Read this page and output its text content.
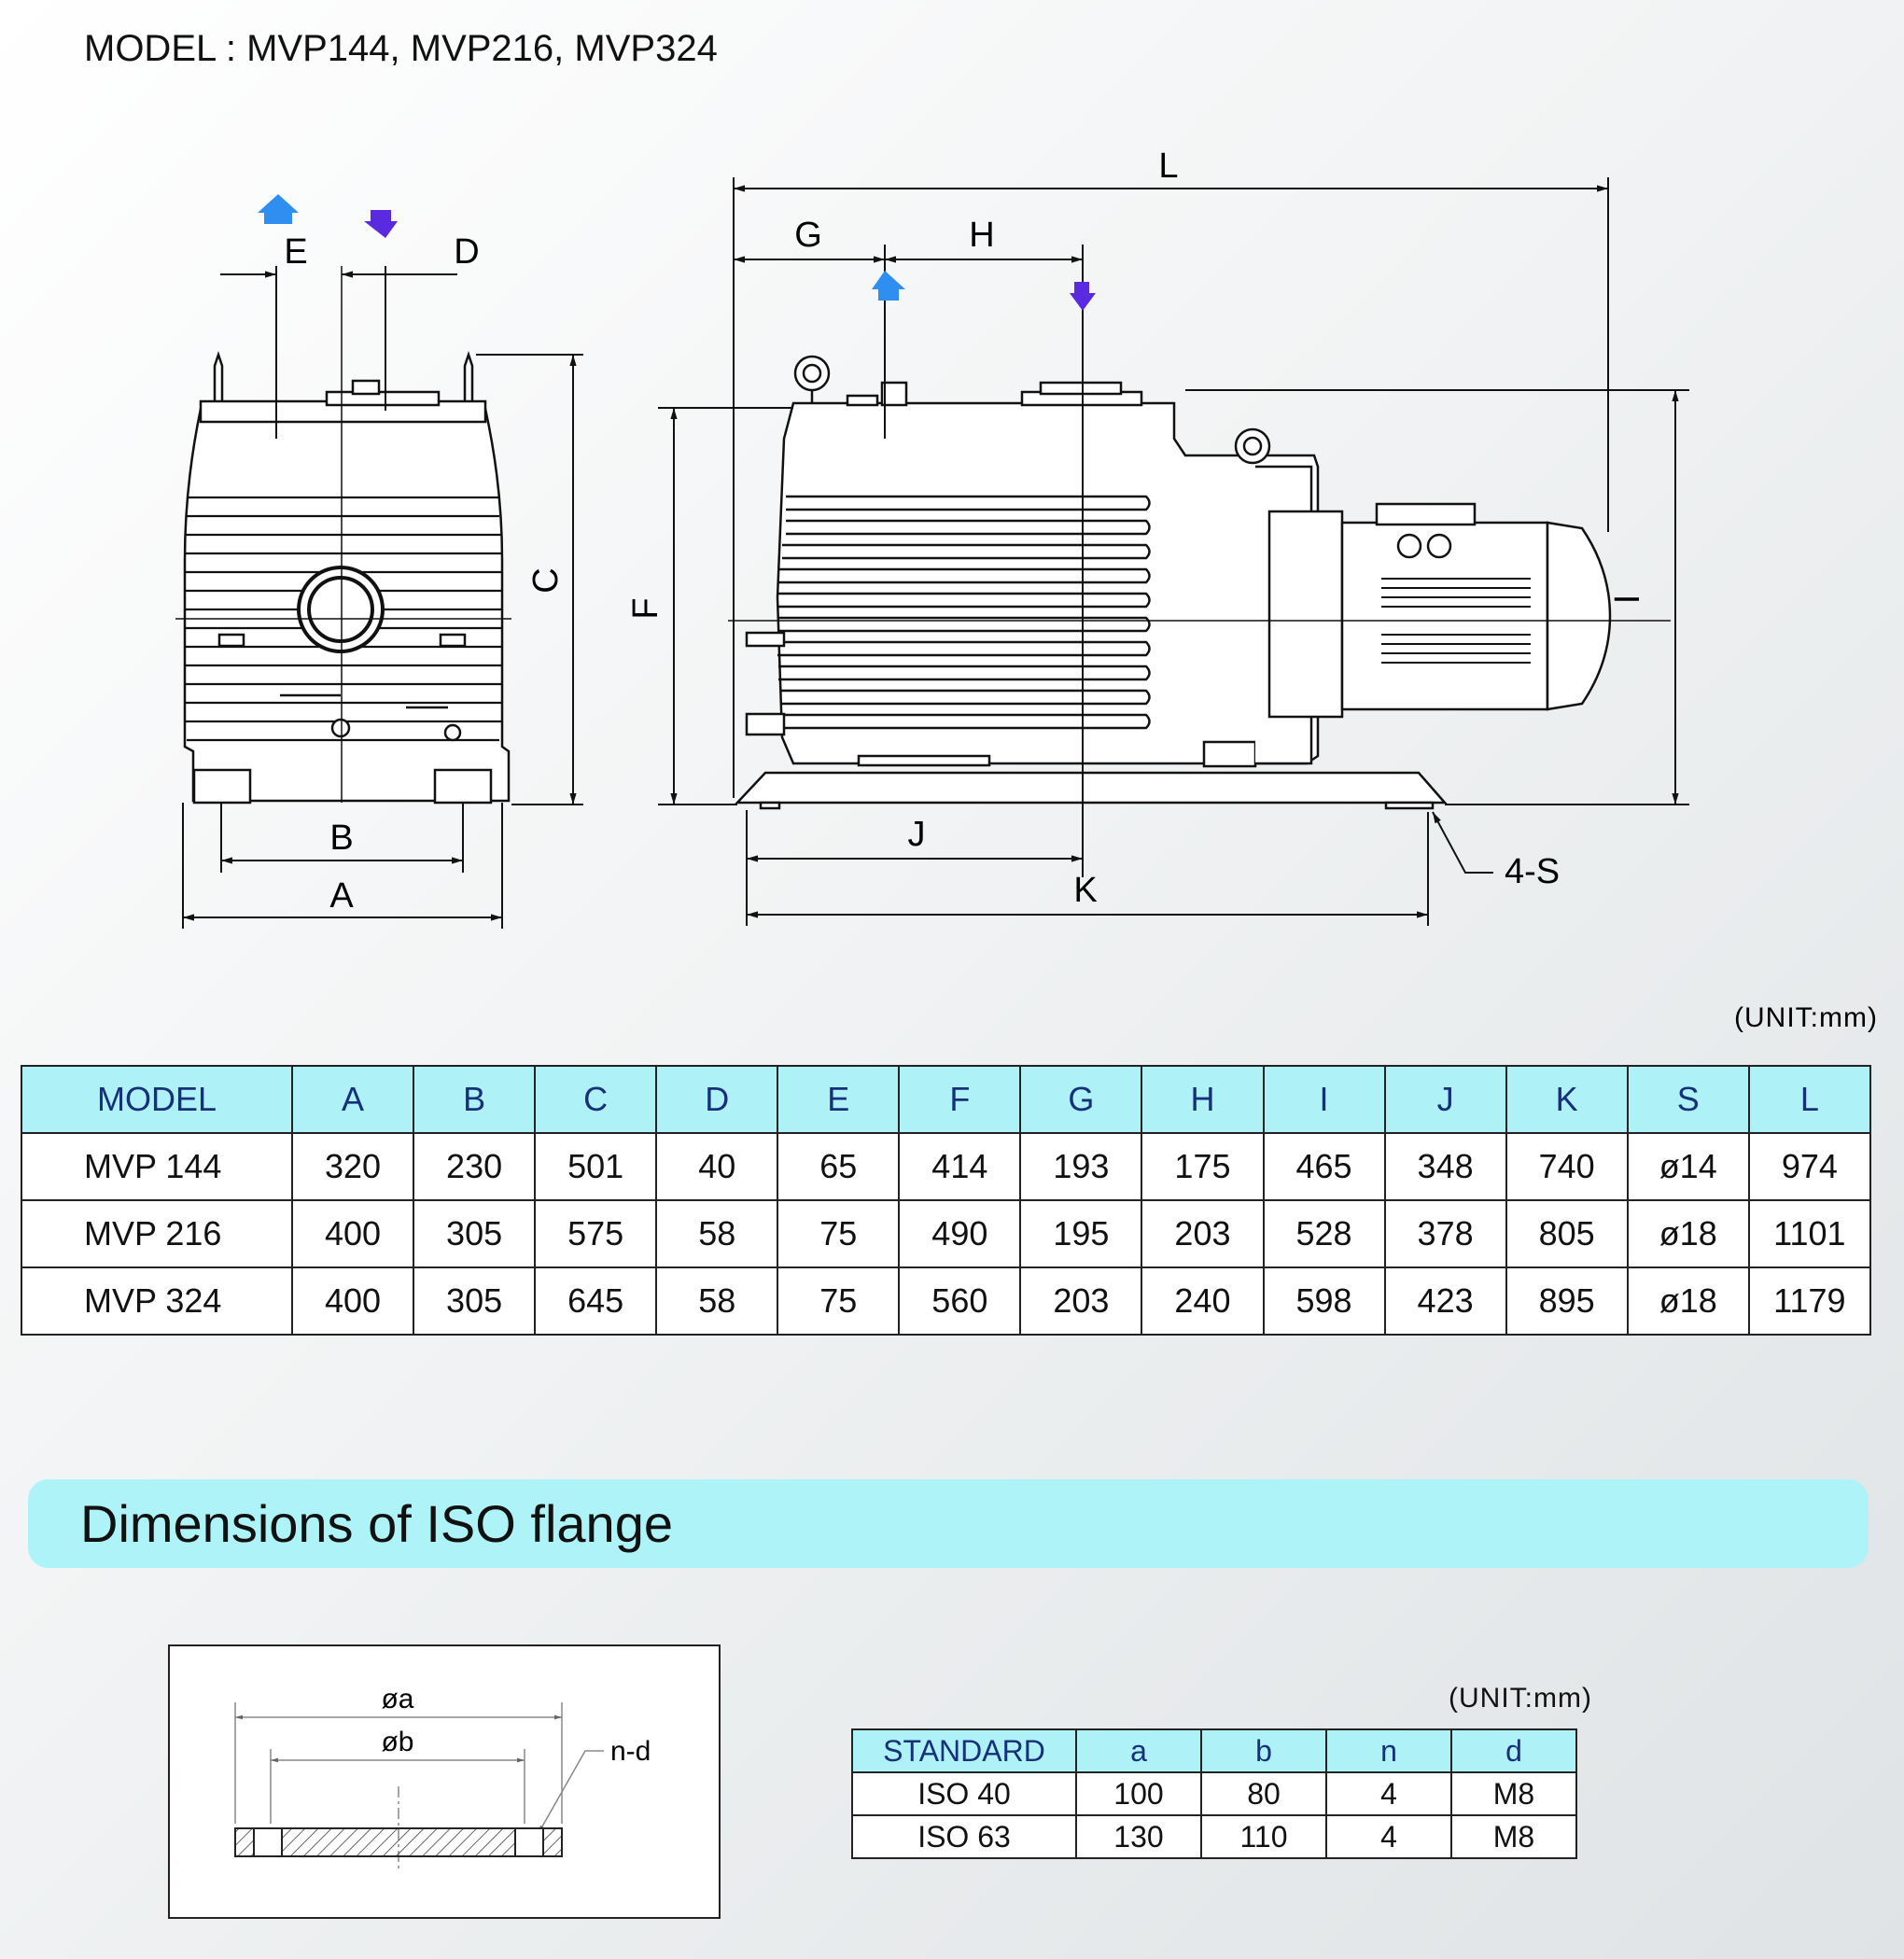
MODEL : MVP144, MVP216, MVP324
E	D
C
B
A
L
G	H
F	I
J
K	4-S
(UNIT:mm)
MODEL	A	B	C	D	E	F	G	H	I	J	K	S	L
MVP 144	320	230	501	40	65	414	193	175	465	348	740	ø14	974
MVP 216	400	305	575	58	75	490	195	203	528	378	805	ø18	1101
MVP 324	400	305	645	58	75	560	203	240	598	423	895	ø18	1179
Dimensions of ISO flange
øa
øb	n-d
(UNIT:mm)
STANDARD	a	b	n	d
ISO 40	100	80	4	M8
ISO 63	130	110	4	M8
